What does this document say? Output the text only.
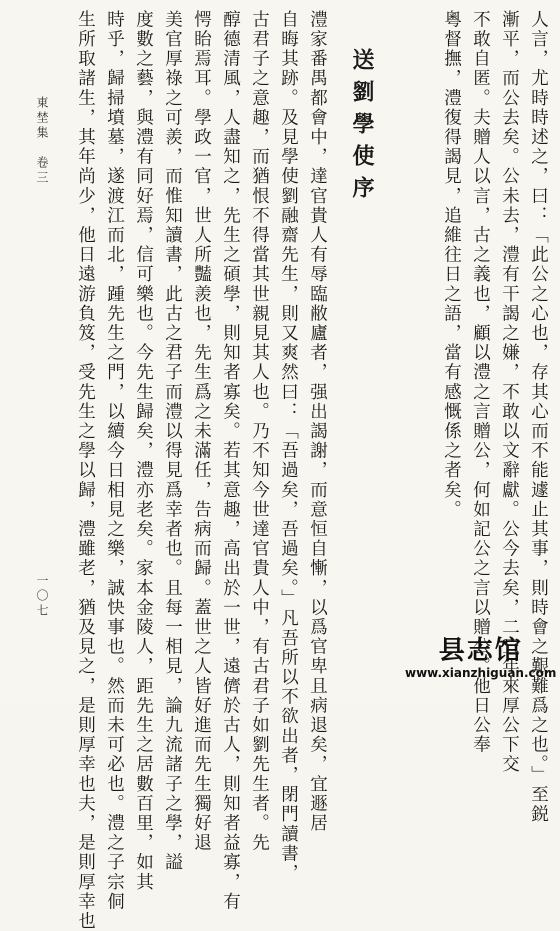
人言，尤時時述之，曰：「此公之心也，存其心而不能遽止其事，則時會之艱難爲之也。」至鋭
漸平，而公去矣。公未去，澧有干謁之嫌，不敢以文辭獻。公今去矣，二三年來厚公下交
不敢自匿。夫贈人以言，古之義也，顧以澧之言贈公，何如記公之言以贈公。他日公奉
粵督撫，澧復得謁見，追維往日之語，當有感慨係之者矣。
送劉學使序
澧家番禺都會中，達官貴人有辱臨敝廬者，强出謁謝，而意恒自慚，以爲官卑且病退矣，宜遯居
自晦其跡。及見學使劉融齋先生，則又爽然曰：「吾過矣，吾過矣。」凡吾所以不欲出者，閉門讀書，
古君子之意趣，而猶恨不得當其世親見其人也。乃不知今世達官貴人中，有古君子如劉先生者。先
醇德清風，人盡知之，先生之碩學，則知者寡矣。若其意趣，高出於一世，遠儕於古人，則知者益寡，有
愕眙焉耳。學政一官，世人所豔羨也，先生爲之未滿任，告病而歸。蓋世之人皆好進而先生獨好退
美官厚祿之可羨，而惟知讀書，此古之君子而澧以得見爲幸者也。且每一相見，論九流諸子之學，謚
度數之藝，與澧有同好焉，信可樂也。今先生歸矣，澧亦老矣。家本金陵人，距先生之居數百里，如其
時乎，歸掃墳墓，遂渡江而北，踵先生之門，以續今日相見之樂，誠快事也。然而未可必也。澧之子宗侗
生所取諸生，其年尚少，他日遠游負笈，受先生之學以歸，澧雖老，猶及見之，是則厚幸也夫，是則厚幸也
東埜集　卷三
一〇七
县志馆
www.xianzhiguan.com
